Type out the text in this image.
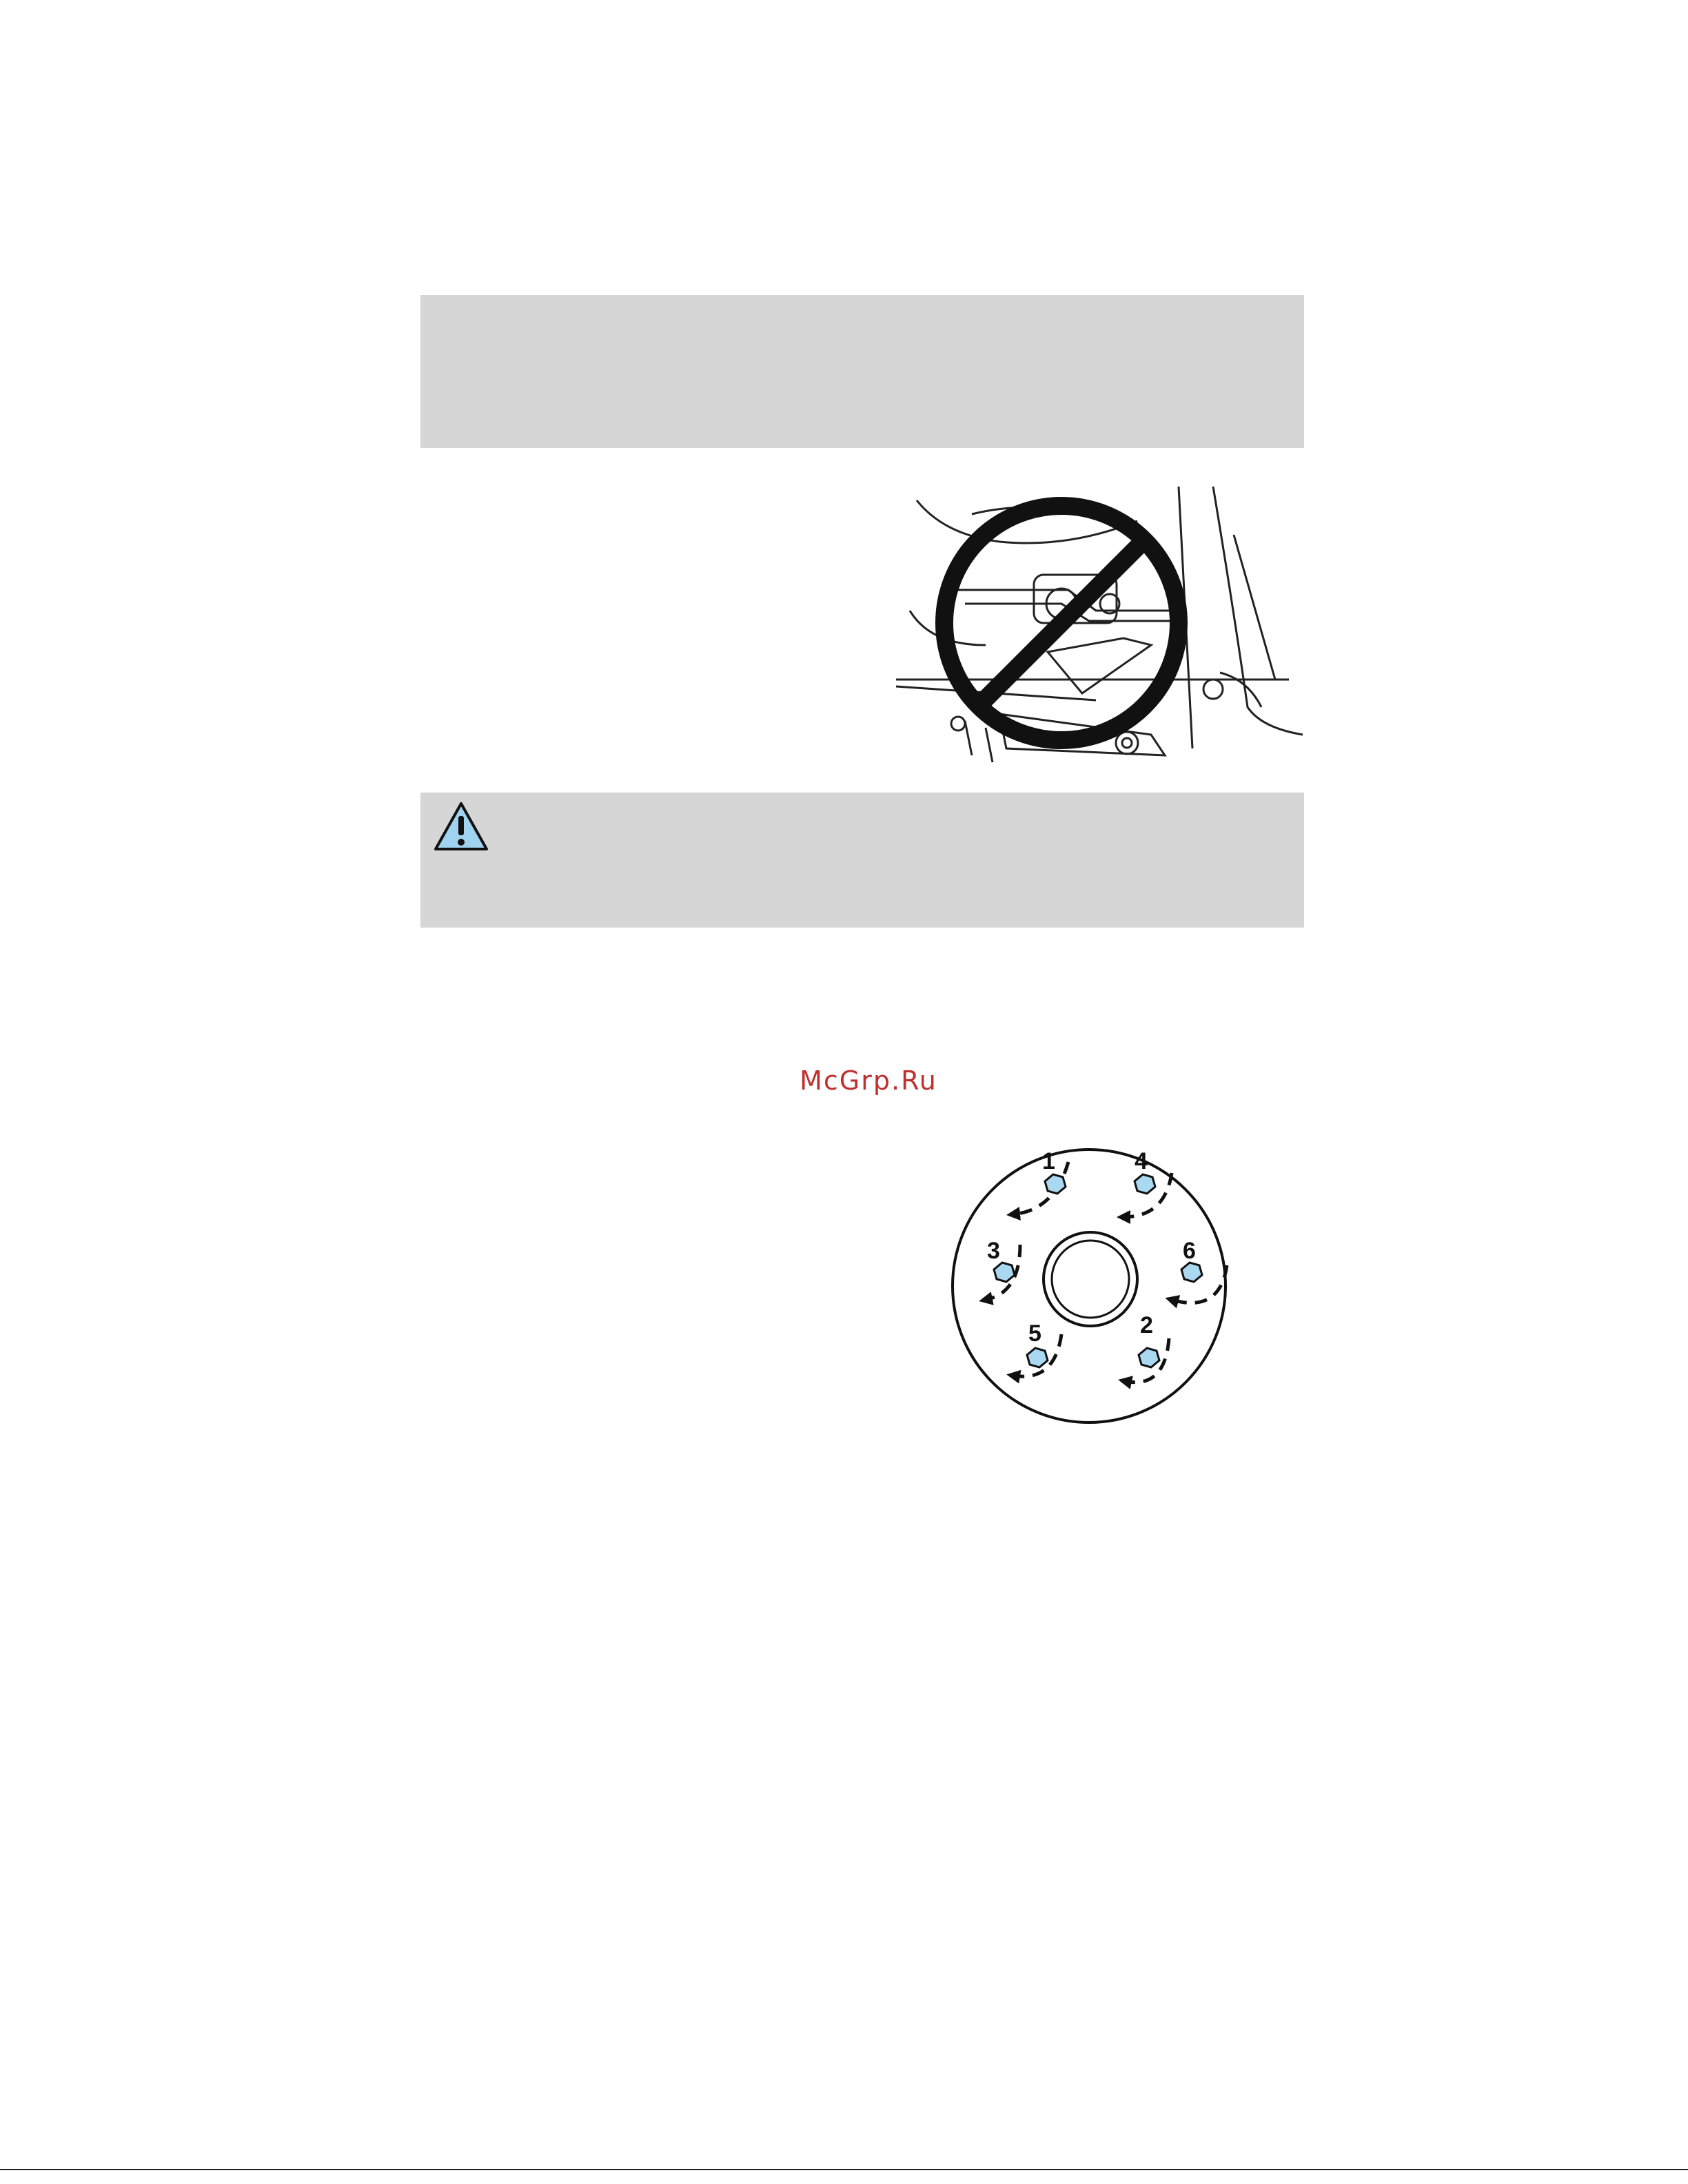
McGrp.Ru
1
2
3
4
5
6
